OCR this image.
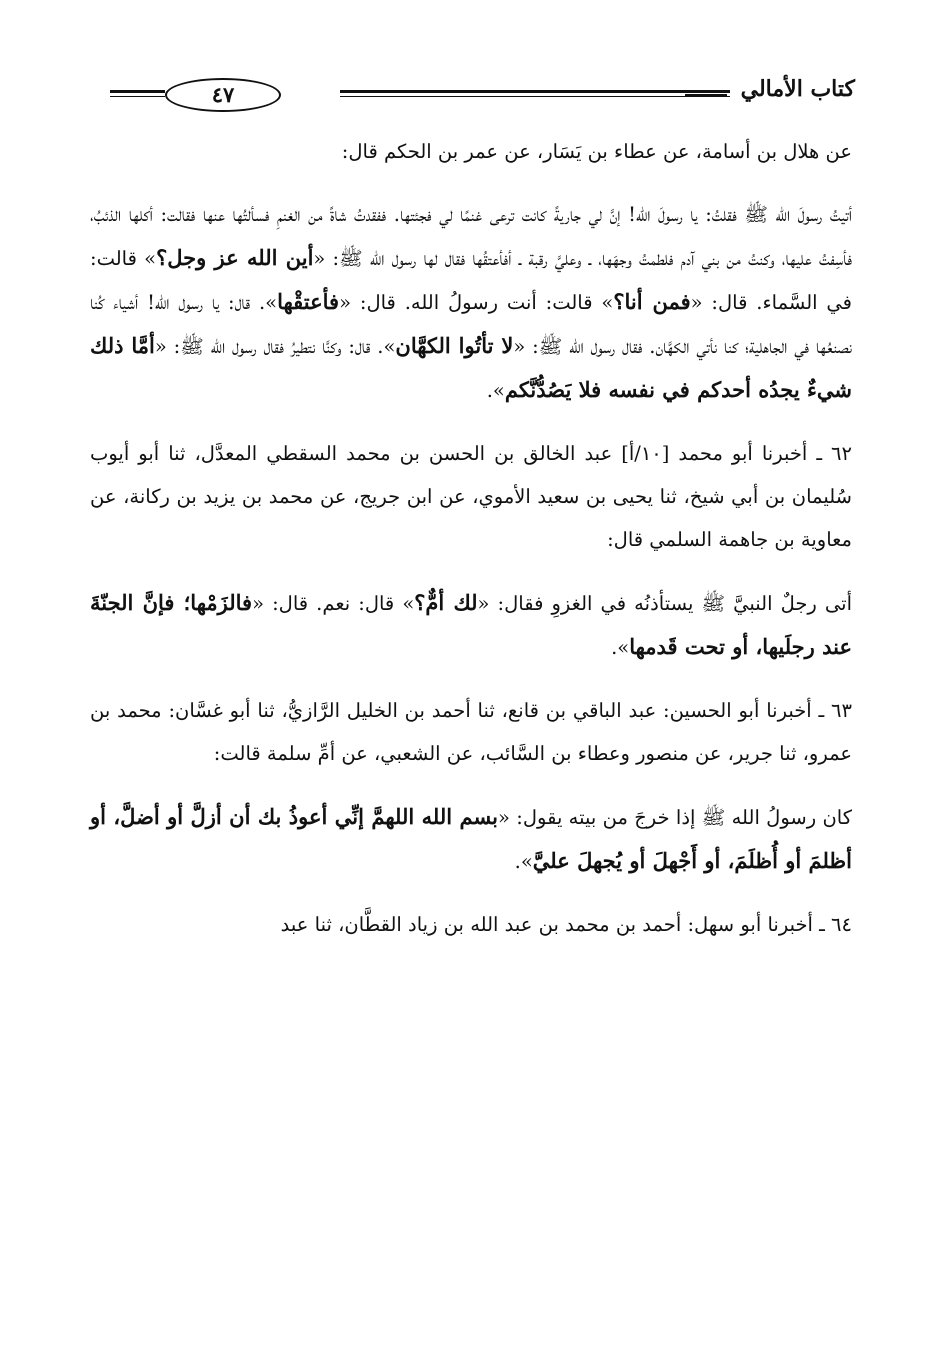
٤٧	كتاب الأمالي

عن هلال بن أسامة، عن عطاء بن يَسَار، عن عمر بن الحكم قال:

أتيتُ رسولَ الله ﷺ فقلتُ: يا رسولَ الله! إنَّ لي جاريةً كانت ترعى غنمًا لي فجئتها. ففقدتُ شاةً من الغنمِ فسألتُها عنها فقالت: أكلها الذئبُ، فأسِفتُ عليها، وكنتُ من بني آدم فلطمتُ وجهَها، ـ وعليَّ رقبة ـ أفأعتقُها فقال لها رسول الله ﷺ: «أين الله عز وجل؟» قالت: في السَّماء. قال: «فمن أنا؟» قالت: أنت رسولُ الله. قال: «فأعتقْها». قال: يا رسول الله! أشياء كُنا نصنعُها في الجاهلية؛ كنا نأتي الكهَّان. فقال رسول الله ﷺ: «لا تأتُوا الكهَّان». قال: وكنَّا نتطيرُ فقال رسول الله ﷺ: «أمَّا ذلك شيءٌ يجدُه أحدكم في نفسه فلا يَصُدُّنَّكم».

٦٢ ـ أخبرنا أبو محمد [١٠/أ] عبد الخالق بن الحسن بن محمد السقطي المعدَّل، ثنا أبو أيوب سُليمان بن أبي شيخ، ثنا يحيى بن سعيد الأموي، عن ابن جريج، عن محمد بن يزيد بن ركانة، عن معاوية بن جاهمة السلمي قال:

أتى رجلٌ النبيَّ ﷺ يستأذنُه في الغزوِ فقال: «لك أمٌّ؟» قال: نعم. قال: «فالزَمْها؛ فإنَّ الجنّةَ عند رجلَيها، أو تحت قَدمها».

٦٣ ـ أخبرنا أبو الحسين: عبد الباقي بن قانع، ثنا أحمد بن الخليل الرَّازيُّ، ثنا أبو غسَّان: محمد بن عمرو، ثنا جرير، عن منصور وعطاء بن السَّائب، عن الشعبي، عن أمِّ سلمة قالت:

كان رسولُ الله ﷺ إذا خرجَ من بيته يقول: «بسم الله اللهمَّ إنِّي أعوذُ بك أن أزلَّ أو أضلَّ، أو أظلمَ أو أُظلَمَ، أو أَجْهلَ أو يُجهلَ عليَّ».

٦٤ ـ أخبرنا أبو سهل: أحمد بن محمد بن عبد الله بن زياد القطَّان، ثنا عبد
